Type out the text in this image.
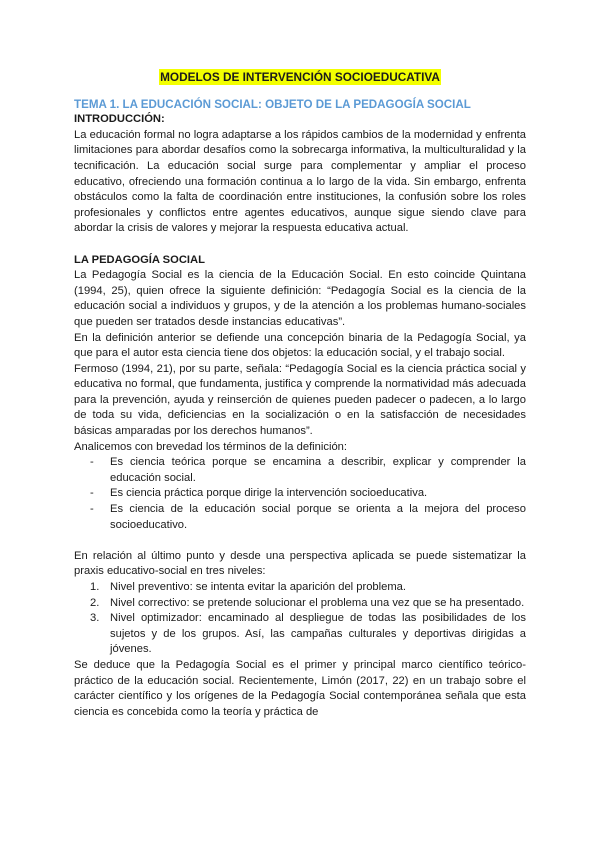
MODELOS DE INTERVENCIÓN SOCIOEDUCATIVA
TEMA 1. LA EDUCACIÓN SOCIAL: OBJETO DE LA PEDAGOGÍA SOCIAL
INTRODUCCIÓN:

La educación formal no logra adaptarse a los rápidos cambios de la modernidad y enfrenta limitaciones para abordar desafíos como la sobrecarga informativa, la multiculturalidad y la tecnificación. La educación social surge para complementar y ampliar el proceso educativo, ofreciendo una formación continua a lo largo de la vida. Sin embargo, enfrenta obstáculos como la falta de coordinación entre instituciones, la confusión sobre los roles profesionales y conflictos entre agentes educativos, aunque sigue siendo clave para abordar la crisis de valores y mejorar la respuesta educativa actual.

LA PEDAGOGÍA SOCIAL

La Pedagogía Social es la ciencia de la Educación Social. En esto coincide Quintana (1994, 25), quien ofrece la siguiente definición: “Pedagogía Social es la ciencia de la educación social a individuos y grupos, y de la atención a los problemas humano-sociales que pueden ser tratados desde instancias educativas”.

En la definición anterior se defiende una concepción binaria de la Pedagogía Social, ya que para el autor esta ciencia tiene dos objetos: la educación social, y el trabajo social.

Fermoso (1994, 21), por su parte, señala: “Pedagogía Social es la ciencia práctica social y educativa no formal, que fundamenta, justifica y comprende la normatividad más adecuada para la prevención, ayuda y reinserción de quienes pueden padecer o padecen, a lo largo de toda su vida, deficiencias en la socialización o en la satisfacción de necesidades básicas amparadas por los derechos humanos”.

Analicemos con brevedad los términos de la definición:

- Es ciencia teórica porque se encamina a describir, explicar y comprender la educación social.
- Es ciencia práctica porque dirige la intervención socioeducativa.
- Es ciencia de la educación social porque se orienta a la mejora del proceso socioeducativo.

En relación al último punto y desde una perspectiva aplicada se puede sistematizar la praxis educativo-social en tres niveles:

1. Nivel preventivo: se intenta evitar la aparición del problema.
2. Nivel correctivo: se pretende solucionar el problema una vez que se ha presentado.
3. Nivel optimizador: encaminado al despliegue de todas las posibilidades de los sujetos y de los grupos. Así, las campañas culturales y deportivas dirigidas a jóvenes.

Se deduce que la Pedagogía Social es el primer y principal marco científico teórico-práctico de la educación social. Recientemente, Limón (2017, 22) en un trabajo sobre el carácter científico y los orígenes de la Pedagogía Social contemporánea señala que esta ciencia es concebida como la teoría y práctica de
